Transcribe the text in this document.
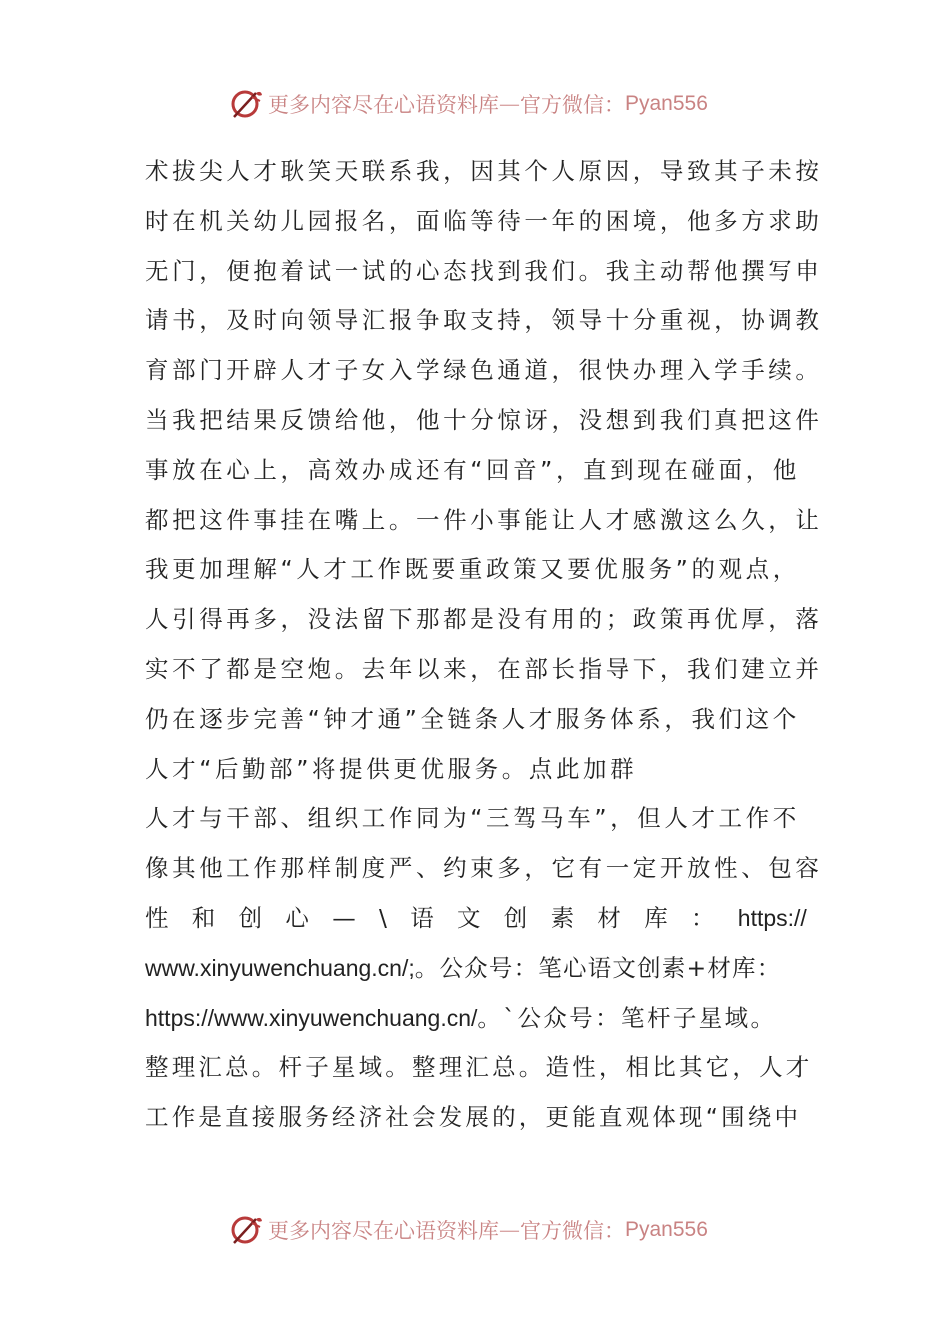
更多内容尽在心语资料库 — 官方微信： Pyan556
术拔尖人才耿笑天联系我，因其个人原因，导致其子未按
时在机关幼儿园报名，面临等待一年的困境，他多方求助
无门，便抱着试一试的心态找到我们。我主动帮他撰写申
请书，及时向领导汇报争取支持，领导十分重视，协调教
育部门开辟人才子女入学绿色通道，很快办理入学手续。
当我把结果反馈给他，他十分惊讶，没想到我们真把这件
事放在心上，高效办成还有“回音”，直到现在碰面，他
都把这件事挂在嘴上。一件小事能让人才感激这么久，让
我更加理解“人才工作既要重政策又要优服务”的观点，
人引得再多，没法留下那都是没有用的；政策再优厚，落
实不了都是空炮。去年以来，在部长指导下，我们建立并
仍在逐步完善“钟才通”全链条人才服务体系，我们这个
人才“后勤部”将提供更优服务。点此加群
人才与干部、组织工作同为“三驾马车”，但人才工作不
像其他工作那样制度严、约束多，它有一定开放性、包容
性 和 创 心 — \ 语 文 创 素 材 库 ： https://
www.xinyuwenchuang.cn/;。公众号：笔心语文创素+材库：
https://www.xinyuwenchuang.cn/。`公众号：笔杆子星域。
整理汇总。杆子星域。整理汇总。造性，相比其它，人才
工作是直接服务经济社会发展的，更能直观体现“围绕中
更多内容尽在心语资料库 — 官方微信： Pyan556
